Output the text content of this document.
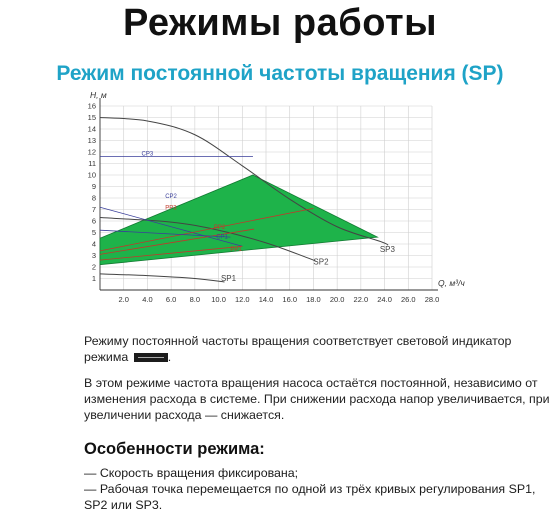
Режимы работы
Режим постоянной частоты вращения (SP)
2.0 4.0 6.0 8.0 10.0 12.0 14.0 16.0 18.0 20.0 22.0 24.0 26.0 28.0
1
2
3
4
5
6
7
8
9
10
11
12
13
14
15
16
H, м
Q, м³/ч
SP1
SP2
SP3
CP3
CP2
PP3
PP2
CP1
PP1
Режиму постоянной частоты вращения соответствует световой индикатор режима	.
В этом режиме частота вращения насоса остаётся постоянной, независимо от изменения расхода в системе. При снижении расхода напор увеличивается, при увеличении расхода — снижается.
Особенности режима:
— Скорость вращения фиксирована;
— Рабочая точка перемещается по одной из трёх кривых регулирования SP1, SP2 или SP3.
